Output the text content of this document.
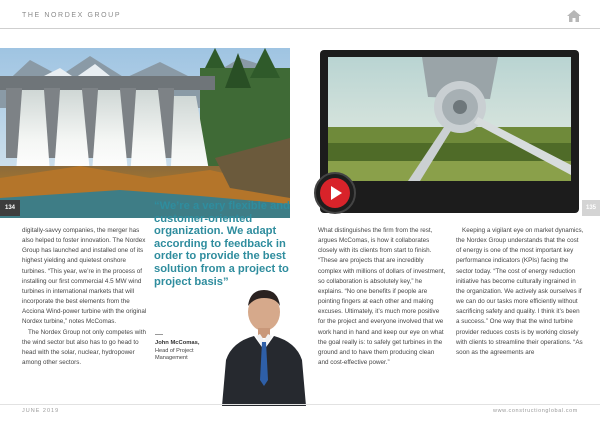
THE NORDEX GROUP
134	135

digitally-savvy companies, the merger has also helped to foster innovation. The Nordex Group has launched and installed one of its highest yielding and quietest onshore turbines. “This year, we’re in the process of installing our first commercial 4.5 MW wind turbines in international markets that will incorporate the best elements from the Acciona Wind-power turbine with the original Nordex turbine,” notes McComas.

The Nordex Group not only competes with the wind sector but also has to go head to head with the solar, nuclear, hydropower among other sectors.

“We’re a very flexible and customer-oriented organization. We adapt according to feedback in order to provide the best solution from a project to project basis”
John McComas,
Head of Project Management

What distinguishes the firm from the rest, argues McComas, is how it collaborates closely with its clients from start to finish. “These are projects that are incredibly complex with millions of dollars of investment, so collaboration is absolutely key,” he explains. “No one benefits if people are pointing fingers at each other and making excuses. Ultimately, it’s much more positive for the project and everyone involved that we work hand in hand and keep our eye on what the goal really is: to safely get turbines in the ground and to have them producing clean and cost-effective power.”

Keeping a vigilant eye on market dynamics, the Nordex Group understands that the cost of energy is one of the most important key performance indicators (KPIs) facing the sector today. “The cost of energy reduction initiative has become culturally ingrained in the organization. We actively ask ourselves if we can do our tasks more efficiently without sacrificing safety and quality. I think it’s been a success.” One way that the wind turbine provider reduces costs is by working closely with clients to streamline their operations. “As soon as the agreements are

JUNE 2019	www.constructionglobal.com
